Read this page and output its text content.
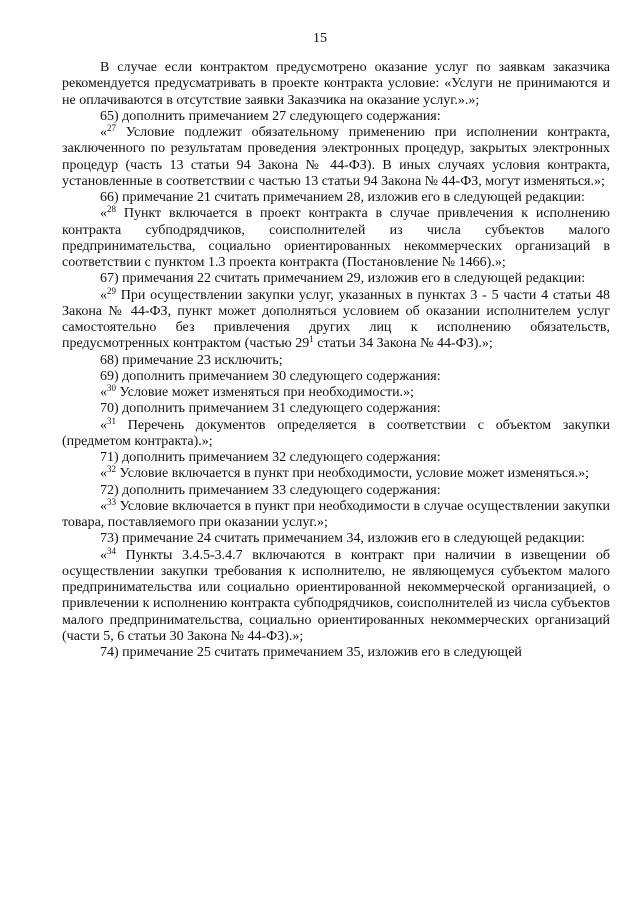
15

В случае если контрактом предусмотрено оказание услуг по заявкам заказчика рекомендуется предусматривать в проекте контракта условие: «Услуги не принимаются и не оплачиваются в отсутствие заявки Заказчика на оказание услуг.».»;

65) дополнить примечанием 27 следующего содержания:

«$^{27}$ Условие подлежит обязательному применению при исполнении контракта, заключенного по результатам проведения электронных процедур, закрытых электронных процедур (часть 13 статьи 94 Закона № 44-ФЗ). В иных случаях условия контракта, установленные в соответствии с частью 13 статьи 94 Закона № 44-ФЗ, могут изменяться.»;

66) примечание 21 считать примечанием 28, изложив его в следующей редакции:

«$^{28}$ Пункт включается в проект контракта в случае привлечения к исполнению контракта субподрядчиков, соисполнителей из числа субъектов малого предпринимательства, социально ориентированных некоммерческих организаций в соответствии с пунктом 1.3 проекта контракта (Постановление № 1466).»;

67) примечания 22 считать примечанием 29, изложив его в следующей редакции:

«$^{29}$ При осуществлении закупки услуг, указанных в пунктах 3 - 5 части 4 статьи 48 Закона № 44-ФЗ, пункт может дополняться условием об оказании исполнителем услуг самостоятельно без привлечения других лиц к исполнению обязательств, предусмотренных контрактом (частью $29^1$ статьи 34 Закона № 44-ФЗ).»;

68) примечание 23 исключить;

69) дополнить примечанием 30 следующего содержания:

«$^{30}$ Условие может изменяться при необходимости.»;

70) дополнить примечанием 31 следующего содержания:

«$^{31}$ Перечень документов определяется в соответствии с объектом закупки (предметом контракта).»;

71) дополнить примечанием 32 следующего содержания:

«$^{32}$ Условие включается в пункт при необходимости, условие может изменяться.»;

72) дополнить примечанием 33 следующего содержания:

«$^{33}$ Условие включается в пункт при необходимости в случае осуществлении закупки товара, поставляемого при оказании услуг.»;

73) примечание 24 считать примечанием 34, изложив его в следующей редакции:

«$^{34}$ Пункты 3.4.5-3.4.7 включаются в контракт при наличии в извещении об осуществлении закупки требования к исполнителю, не являющемуся субъектом малого предпринимательства или социально ориентированной некоммерческой организацией, о привлечении к исполнению контракта субподрядчиков, соисполнителей из числа субъектов малого предпринимательства, социально ориентированных некоммерческих организаций (части 5, 6 статьи 30 Закона № 44-ФЗ).»;

74) примечание 25 считать примечанием 35, изложив его в следующей
